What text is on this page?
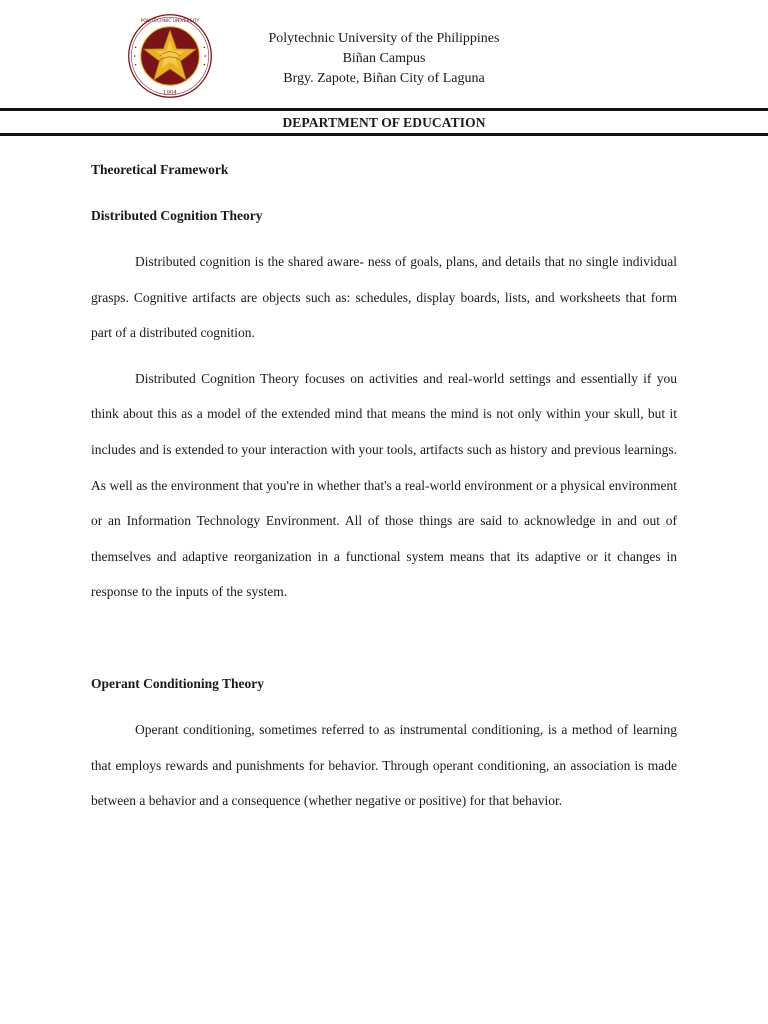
POLYTECHNIC UNIVERSITY
1904
Polytechnic University of the Philippines
Biñan Campus
Brgy. Zapote, Biñan City of Laguna
DEPARTMENT OF EDUCATION

Theoretical Framework

Distributed Cognition Theory

Distributed cognition is the shared aware- ness of goals, plans, and details that no single individual grasps. Cognitive artifacts are objects such as: schedules, display boards, lists, and worksheets that form part of a distributed cognition.

Distributed Cognition Theory focuses on activities and real-world settings and essentially if you think about this as a model of the extended mind that means the mind is not only within your skull, but it includes and is extended to your interaction with your tools, artifacts such as history and previous learnings. As well as the environment that you're in whether that's a real-world environment or a physical environment or an Information Technology Environment. All of those things are said to acknowledge in and out of themselves and adaptive reorganization in a functional system means that its adaptive or it changes in response to the inputs of the system.

Operant Conditioning Theory

Operant conditioning, sometimes referred to as instrumental conditioning, is a method of learning that employs rewards and punishments for behavior. Through operant conditioning, an association is made between a behavior and a consequence (whether negative or positive) for that behavior.
